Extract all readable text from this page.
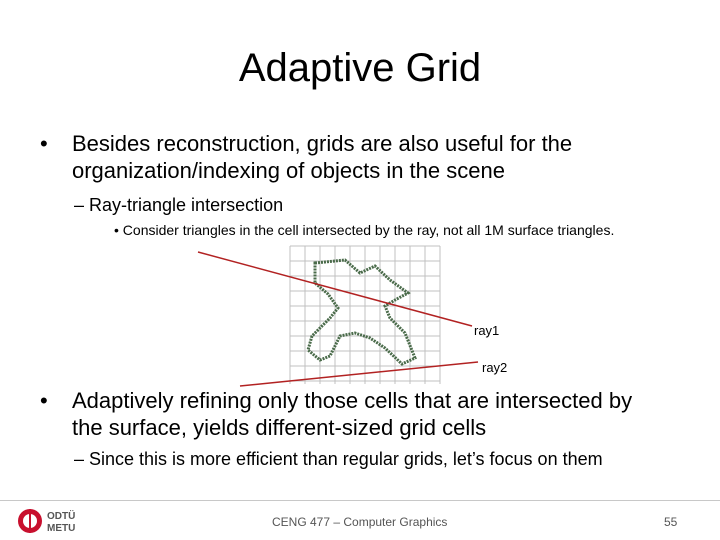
Adaptive Grid
• Besides reconstruction, grids are also useful for the
organization/indexing of objects in the scene
– Ray-triangle intersection
• Consider triangles in the cell intersected by the ray, not all 1M surface triangles.
ray1
ray2
• Adaptively refining only those cells that are intersected by
the surface, yields different-sized grid cells
– Since this is more efficient than regular grids, let’s focus on them
ODTÜ
METU	CENG 477 – Computer Graphics	55
